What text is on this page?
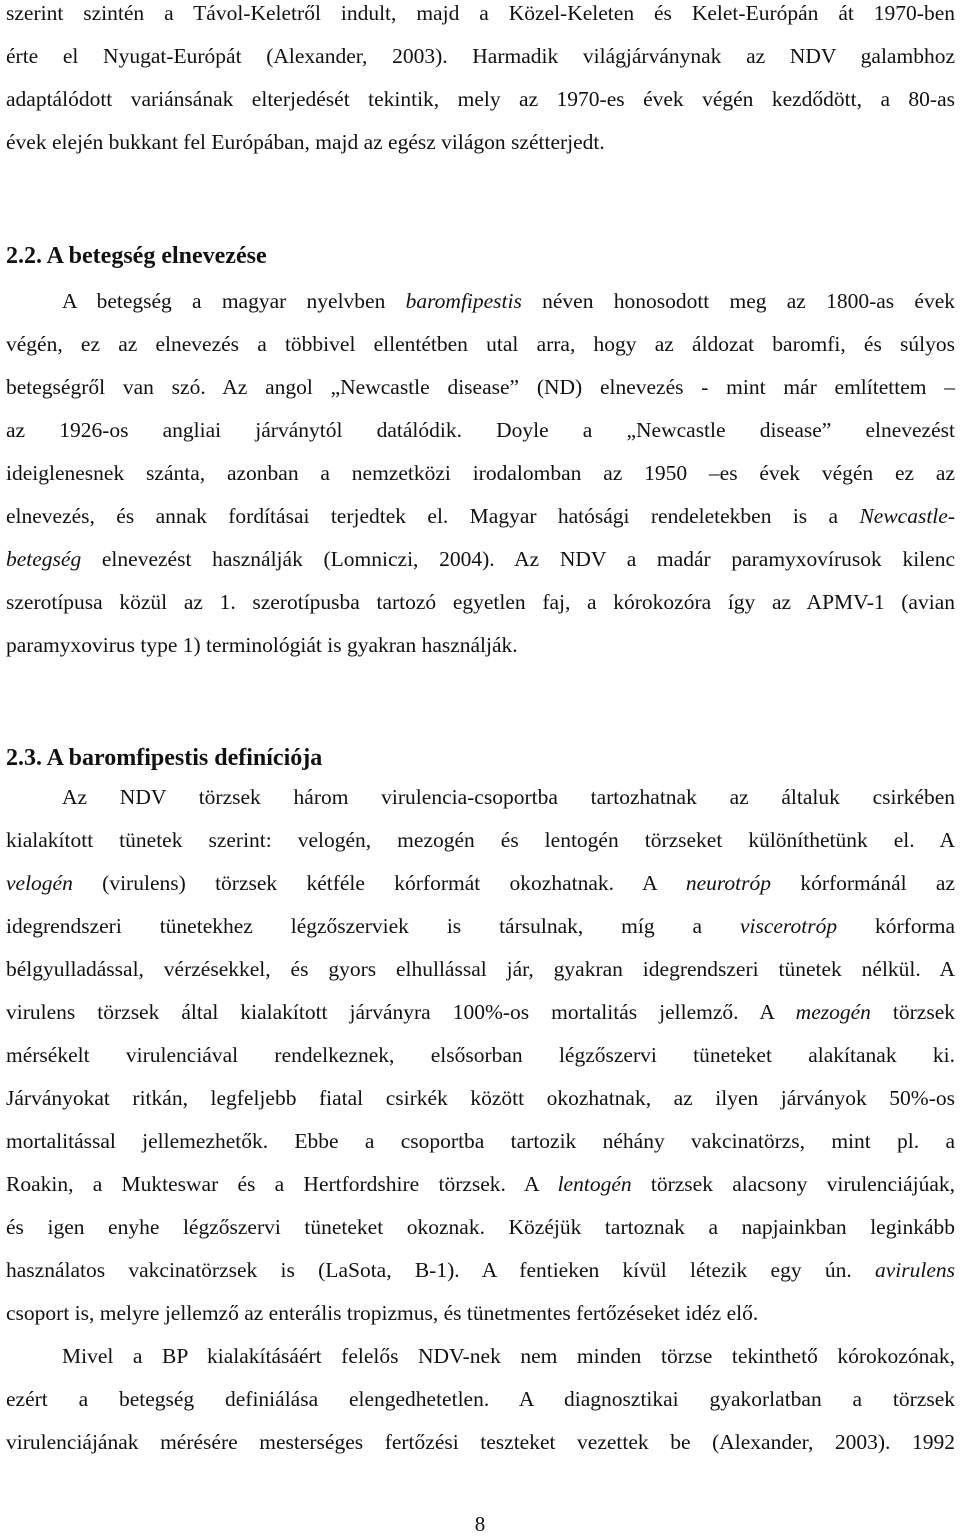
szerint szintén a Távol-Keletről indult, majd a Közel-Keleten és Kelet-Európán át 1970-ben
érte el Nyugat-Európát (Alexander, 2003). Harmadik világjárványnak az NDV galambhoz
adaptálódott variánsának elterjedését tekintik, mely az 1970-es évek végén kezdődött, a 80-as
évek elején bukkant fel Európában, majd az egész világon szétterjedt.

2.2. A betegség elnevezése

A betegség a magyar nyelvben baromfipestis néven honosodott meg az 1800-as évek
végén, ez az elnevezés a többivel ellentétben utal arra, hogy az áldozat baromfi, és súlyos
betegségről van szó. Az angol „Newcastle disease” (ND) elnevezés - mint már említettem –
az 1926-os angliai járványtól datálódik. Doyle a „Newcastle disease” elnevezést
ideiglenesnek szánta, azonban a nemzetközi irodalomban az 1950 –es évek végén ez az
elnevezés, és annak fordításai terjedtek el. Magyar hatósági rendeletekben is a Newcastle-
betegség elnevezést használják (Lomniczi, 2004). Az NDV a madár paramyxovírusok kilenc
szerotípusa közül az 1. szerotípusba tartozó egyetlen faj, a kórokozóra így az APMV-1 (avian
paramyxovirus type 1) terminológiát is gyakran használják.

2.3. A baromfipestis definíciója

Az NDV törzsek három virulencia-csoportba tartozhatnak az általuk csirkében
kialakított tünetek szerint: velogén, mezogén és lentogén törzseket különíthetünk el. A
velogén (virulens) törzsek kétféle kórformát okozhatnak. A neurotróp kórformánál az
idegrendszeri tünetekhez légzőszerviek is társulnak, míg a viscerotróp kórforma
bélgyulladással, vérzésekkel, és gyors elhullással jár, gyakran idegrendszeri tünetek nélkül. A
virulens törzsek által kialakított járványra 100%-os mortalitás jellemző. A mezogén törzsek
mérsékelt virulenciával rendelkeznek, elsősorban légzőszervi tüneteket alakítanak ki.
Járványokat ritkán, legfeljebb fiatal csirkék között okozhatnak, az ilyen járványok 50%-os
mortalitással jellemezhetők. Ebbe a csoportba tartozik néhány vakcinatörzs, mint pl. a
Roakin, a Mukteswar és a Hertfordshire törzsek. A lentogén törzsek alacsony virulenciájúak,
és igen enyhe légzőszervi tüneteket okoznak. Közéjük tartoznak a napjainkban leginkább
használatos vakcinatörzsek is (LaSota, B-1). A fentieken kívül létezik egy ún. avirulens
csoport is, melyre jellemző az enterális tropizmus, és tünetmentes fertőzéseket idéz elő.

Mivel a BP kialakításáért felelős NDV-nek nem minden törzse tekinthető kórokozónak,
ezért a betegség definiálása elengedhetetlen. A diagnosztikai gyakorlatban a törzsek
virulenciájának mérésére mesterséges fertőzési teszteket vezettek be (Alexander, 2003). 1992

8
